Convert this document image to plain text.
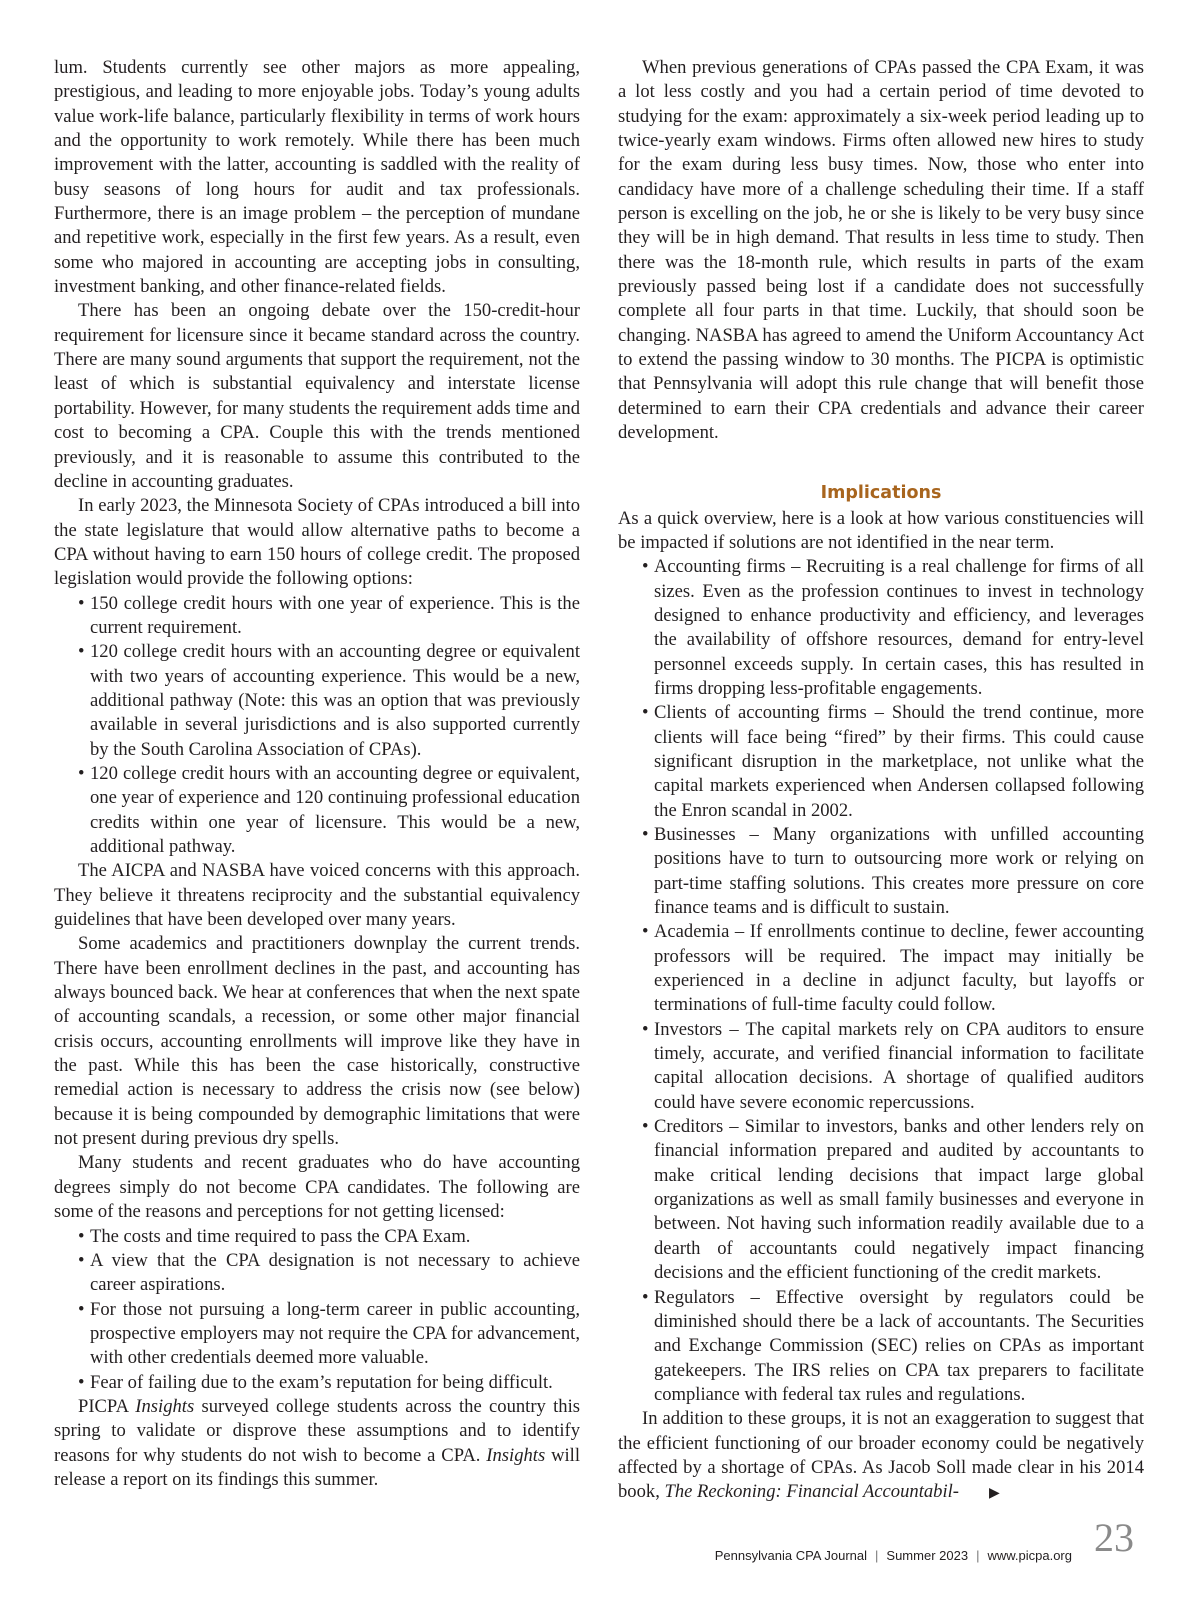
lum. Students currently see other majors as more appealing, prestigious, and leading to more enjoyable jobs. Today’s young adults value work-life balance, particularly flexibility in terms of work hours and the opportunity to work remotely. While there has been much improvement with the latter, accounting is saddled with the reality of busy seasons of long hours for audit and tax professionals. Furthermore, there is an image problem – the perception of mundane and repetitive work, especially in the first few years. As a result, even some who majored in accounting are accepting jobs in consulting, investment banking, and other finance-related fields.

There has been an ongoing debate over the 150-credit-hour requirement for licensure since it became standard across the country. There are many sound arguments that support the requirement, not the least of which is substantial equivalency and interstate license portability. However, for many students the requirement adds time and cost to becoming a CPA. Couple this with the trends mentioned previously, and it is reasonable to assume this contributed to the decline in accounting graduates.

In early 2023, the Minnesota Society of CPAs introduced a bill into the state legislature that would allow alternative paths to become a CPA without having to earn 150 hours of college credit. The proposed legislation would provide the following options:

• 150 college credit hours with one year of experience. This is the current requirement.
• 120 college credit hours with an accounting degree or equivalent with two years of accounting experience. This would be a new, additional pathway (Note: this was an option that was previously available in several jurisdictions and is also supported currently by the South Carolina Association of CPAs).
• 120 college credit hours with an accounting degree or equivalent, one year of experience and 120 continuing professional education credits within one year of licensure. This would be a new, additional pathway.

The AICPA and NASBA have voiced concerns with this approach. They believe it threatens reciprocity and the substantial equivalency guidelines that have been developed over many years.

Some academics and practitioners downplay the current trends. There have been enrollment declines in the past, and accounting has always bounced back. We hear at conferences that when the next spate of accounting scandals, a recession, or some other major financial crisis occurs, accounting enrollments will improve like they have in the past. While this has been the case historically, constructive remedial action is necessary to address the crisis now (see below) because it is being compounded by demographic limitations that were not present during previous dry spells.

Many students and recent graduates who do have accounting degrees simply do not become CPA candidates. The following are some of the reasons and perceptions for not getting licensed:

• The costs and time required to pass the CPA Exam.
• A view that the CPA designation is not necessary to achieve career aspirations.
• For those not pursuing a long-term career in public accounting, prospective employers may not require the CPA for advancement, with other credentials deemed more valuable.
• Fear of failing due to the exam’s reputation for being difficult.

PICPA Insights surveyed college students across the country this spring to validate or disprove these assumptions and to identify reasons for why students do not wish to become a CPA. Insights will release a report on its findings this summer.

When previous generations of CPAs passed the CPA Exam, it was a lot less costly and you had a certain period of time devoted to studying for the exam: approximately a six-week period leading up to twice-yearly exam windows. Firms often allowed new hires to study for the exam during less busy times. Now, those who enter into candidacy have more of a challenge scheduling their time. If a staff person is excelling on the job, he or she is likely to be very busy since they will be in high demand. That results in less time to study. Then there was the 18-month rule, which results in parts of the exam previously passed being lost if a candidate does not successfully complete all four parts in that time. Luckily, that should soon be changing. NASBA has agreed to amend the Uniform Accountancy Act to extend the passing window to 30 months. The PICPA is optimistic that Pennsylvania will adopt this rule change that will benefit those determined to earn their CPA credentials and advance their career development.

Implications

As a quick overview, here is a look at how various constituencies will be impacted if solutions are not identified in the near term.

• Accounting firms – Recruiting is a real challenge for firms of all sizes. Even as the profession continues to invest in technology designed to enhance productivity and efficiency, and leverages the availability of offshore resources, demand for entry-level personnel exceeds supply. In certain cases, this has resulted in firms dropping less-profitable engagements.
• Clients of accounting firms – Should the trend continue, more clients will face being “fired” by their firms. This could cause significant disruption in the marketplace, not unlike what the capital markets experienced when Andersen collapsed following the Enron scandal in 2002.
• Businesses – Many organizations with unfilled accounting positions have to turn to outsourcing more work or relying on part-time staffing solutions. This creates more pressure on core finance teams and is difficult to sustain.
• Academia – If enrollments continue to decline, fewer accounting professors will be required. The impact may initially be experienced in a decline in adjunct faculty, but layoffs or terminations of full-time faculty could follow.
• Investors – The capital markets rely on CPA auditors to ensure timely, accurate, and verified financial information to facilitate capital allocation decisions. A shortage of qualified auditors could have severe economic repercussions.
• Creditors – Similar to investors, banks and other lenders rely on financial information prepared and audited by accountants to make critical lending decisions that impact large global organizations as well as small family businesses and everyone in between. Not having such information readily available due to a dearth of accountants could negatively impact financing decisions and the efficient functioning of the credit markets.
• Regulators – Effective oversight by regulators could be diminished should there be a lack of accountants. The Securities and Exchange Commission (SEC) relies on CPAs as important gatekeepers. The IRS relies on CPA tax preparers to facilitate compliance with federal tax rules and regulations.

In addition to these groups, it is not an exaggeration to suggest that the efficient functioning of our broader economy could be negatively affected by a shortage of CPAs. As Jacob Soll made clear in his 2014 book, The Reckoning: Financial Accountabil- ▶

Pennsylvania CPA Journal | Summer 2023 | www.picpa.org 23
